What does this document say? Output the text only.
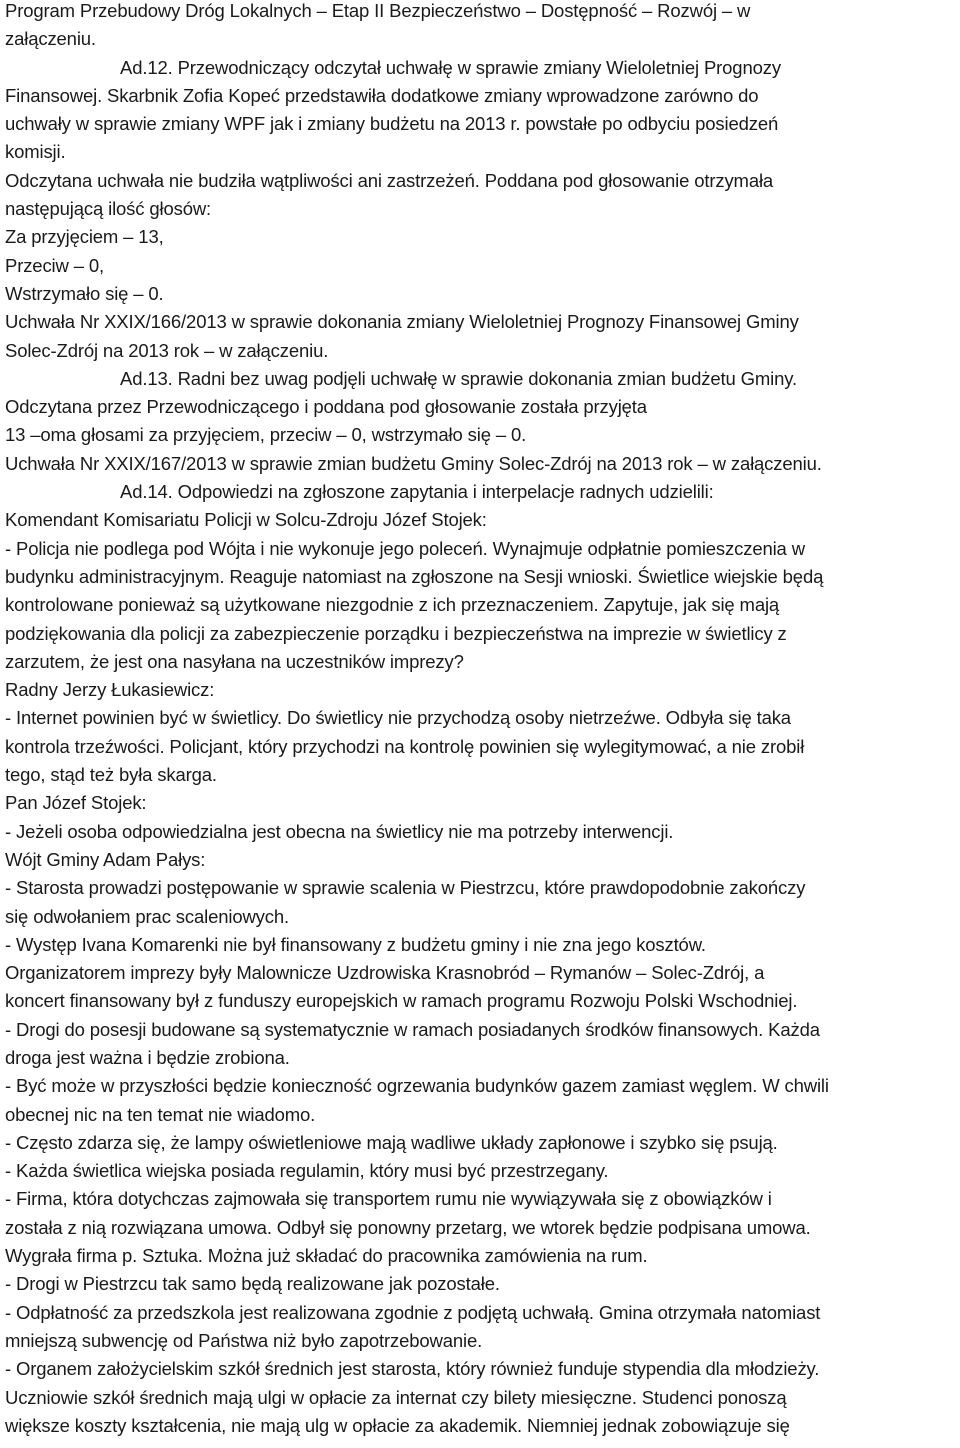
Program Przebudowy Dróg Lokalnych – Etap II Bezpieczeństwo – Dostępność – Rozwój – w
załączeniu.
Ad.12. Przewodniczący odczytał uchwałę w sprawie zmiany Wieloletniej Prognozy
Finansowej. Skarbnik Zofia Kopeć przedstawiła dodatkowe zmiany wprowadzone zarówno do
uchwały w sprawie zmiany WPF jak i zmiany budżetu na 2013 r. powstałe po odbyciu posiedzeń
komisji.
Odczytana uchwała nie budziła wątpliwości ani zastrzeżeń. Poddana pod głosowanie otrzymała
następującą ilość głosów:
Za przyjęciem – 13,
Przeciw – 0,
Wstrzymało się – 0.
Uchwała Nr XXIX/166/2013 w sprawie dokonania zmiany Wieloletniej Prognozy Finansowej Gminy
Solec-Zdrój na 2013 rok – w załączeniu.
Ad.13. Radni bez uwag podjęli uchwałę w sprawie dokonania zmian budżetu Gminy.
Odczytana przez Przewodniczącego i poddana pod głosowanie została przyjęta
13 –oma głosami za przyjęciem, przeciw – 0, wstrzymało się – 0.
Uchwała Nr XXIX/167/2013 w sprawie zmian budżetu Gminy Solec-Zdrój na 2013 rok – w załączeniu.
Ad.14. Odpowiedzi na zgłoszone zapytania i interpelacje radnych udzielili:
Komendant Komisariatu Policji w Solcu-Zdroju Józef Stojek:
- Policja nie podlega pod Wójta i nie wykonuje jego poleceń. Wynajmuje odpłatnie pomieszczenia w
budynku administracyjnym. Reaguje natomiast na zgłoszone na Sesji wnioski. Świetlice wiejskie będą
kontrolowane ponieważ są użytkowane niezgodnie z ich przeznaczeniem. Zapytuje, jak się mają
podziękowania dla policji za zabezpieczenie porządku i bezpieczeństwa na imprezie w świetlicy z
zarzutem, że jest ona nasyłana na uczestników imprezy?
Radny Jerzy Łukasiewicz:
- Internet powinien być w świetlicy. Do świetlicy nie przychodzą osoby nietrzeźwe. Odbyła się taka
kontrola trzeźwości. Policjant, który przychodzi na kontrolę powinien się wylegitymować, a nie zrobił
tego, stąd też była skarga.
Pan Józef Stojek:
- Jeżeli osoba odpowiedzialna jest obecna na świetlicy nie ma potrzeby interwencji.
Wójt Gminy Adam Pałys:
- Starosta prowadzi postępowanie w sprawie scalenia w Piestrzcu, które prawdopodobnie zakończy
się odwołaniem prac scaleniowych.
- Występ Ivana Komarenki nie był finansowany z budżetu gminy i nie zna jego kosztów.
Organizatorem imprezy były Malownicze Uzdrowiska Krasnobród – Rymanów – Solec-Zdrój, a
koncert finansowany był z funduszy europejskich w ramach programu Rozwoju Polski Wschodniej.
- Drogi do posesji budowane są systematycznie w ramach posiadanych środków finansowych. Każda
droga jest ważna i będzie zrobiona.
- Być może w przyszłości będzie konieczność ogrzewania budynków gazem zamiast węglem. W chwili
obecnej nic na ten temat nie wiadomo.
- Często zdarza się, że lampy oświetleniowe mają wadliwe układy zapłonowe i szybko się psują.
- Każda świetlica wiejska posiada regulamin, który musi być przestrzegany.
- Firma, która dotychczas zajmowała się transportem rumu nie wywiązywała się z obowiązków i
została z nią rozwiązana umowa. Odbył się ponowny przetarg, we wtorek będzie podpisana umowa.
Wygrała firma p. Sztuka. Można już składać do pracownika zamówienia na rum.
- Drogi w Piestrzcu tak samo będą realizowane jak pozostałe.
- Odpłatność za przedszkola jest realizowana zgodnie z podjętą uchwałą. Gmina otrzymała natomiast
mniejszą subwencję od Państwa niż było zapotrzebowanie.
- Organem założycielskim szkół średnich jest starosta, który również funduje stypendia dla młodzieży.
Uczniowie szkół średnich mają ulgi w opłacie za internat czy bilety miesięczne. Studenci ponoszą
większe koszty kształcenia, nie mają ulg w opłacie za akademik. Niemniej jednak zobowiązuje się
